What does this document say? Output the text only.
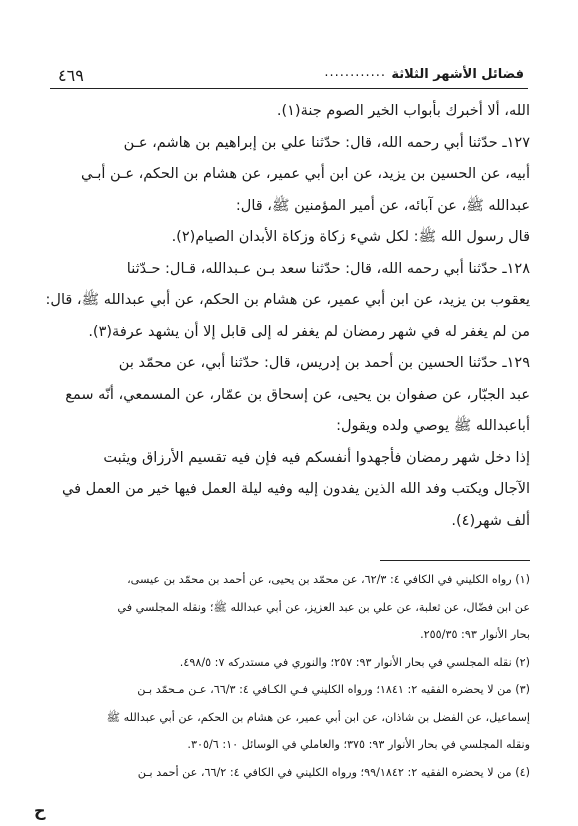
فضائل الأشهر الثلاثة
............
٤٦٩
الله، ألا أخبرك بأبواب الخير الصوم جنة(١).
١٢٧ـ حدّثنا أبي رحمه الله، قال: حدّثنا علي بن إبراهيم بن هاشم، عـن
أبيه، عن الحسين بن يزيد، عن ابن أبي عمير، عن هشام بن الحكم، عـن أبـي
عبدالله ﷺ، عن آبائه، عن أمير المؤمنين ﷺ، قال:
قال رسول الله ﷺ: لكل شيء زكاة وزكاة الأبدان الصيام(٢).
١٢٨ـ حدّثنا أبي رحمه الله، قال: حدّثنا سعد بـن عـبدالله، قـال: حـدّثنا
يعقوب بن يزيد، عن ابن أبي عمير، عن هشام بن الحكم، عن أبي عبدالله ﷺ، قال:
من لم يغفر له في شهر رمضان لم يغفر له إلى قابل إلا أن يشهد عرفة(٣).
١٢٩ـ حدّثنا الحسين بن أحمد بن إدريس، قال: حدّثنا أبي، عن محمّد بن
عبد الجبّار، عن صفوان بن يحيى، عن إسحاق بن عمّار، عن المسمعي، أنّه سمع
أباعبدالله ﷺ يوصي ولده ويقول:
إذا دخل شهر رمضان فأجهدوا أنفسكم فيه فإن فيه تقسيم الأرزاق ويثبت
الآجال ويكتب وفد الله الذين يفدون إليه وفيه ليلة العمل فيها خير من العمل في
ألف شهر(٤).
(١) رواه الكليني في الكافي ٤: ٦٢/٣، عن محمّد بن يحيى، عن أحمد بن محمّد بن عيسى،
عن ابن فضّال، عن ثعلبة، عن علي بن عبد العزيز، عن أبي عبدالله ﷺ؛ ونقله المجلسي في
بحار الأنوار ٩٣: ٢٥٥/٣٥.
(٢) نقله المجلسي في بحار الأنوار ٩٣: ٢٥٧؛ والنوري في مستدركه ٧: ٤٩٨/٥.
(٣) من لا يحضره الفقيه ٢: ١٨٤١؛ ورواه الكليني فـي الكـافي ٤: ٦٦/٣، عـن مـحمّد بـن
إسماعيل، عن الفضل بن شاذان، عن ابن أبي عمير، عن هشام بن الحكم، عن أبي عبدالله ﷺ
ونقله المجلسي في بحار الأنوار ٩٣: ٣٧٥؛ والعاملي في الوسائل ١٠: ٣٠٥/٦.
(٤) من لا يحضره الفقيه ٢: ٩٩/١٨٤٢؛ ورواه الكليني في الكافي ٤: ٦٦/٢، عن أحمد بـن
ح
